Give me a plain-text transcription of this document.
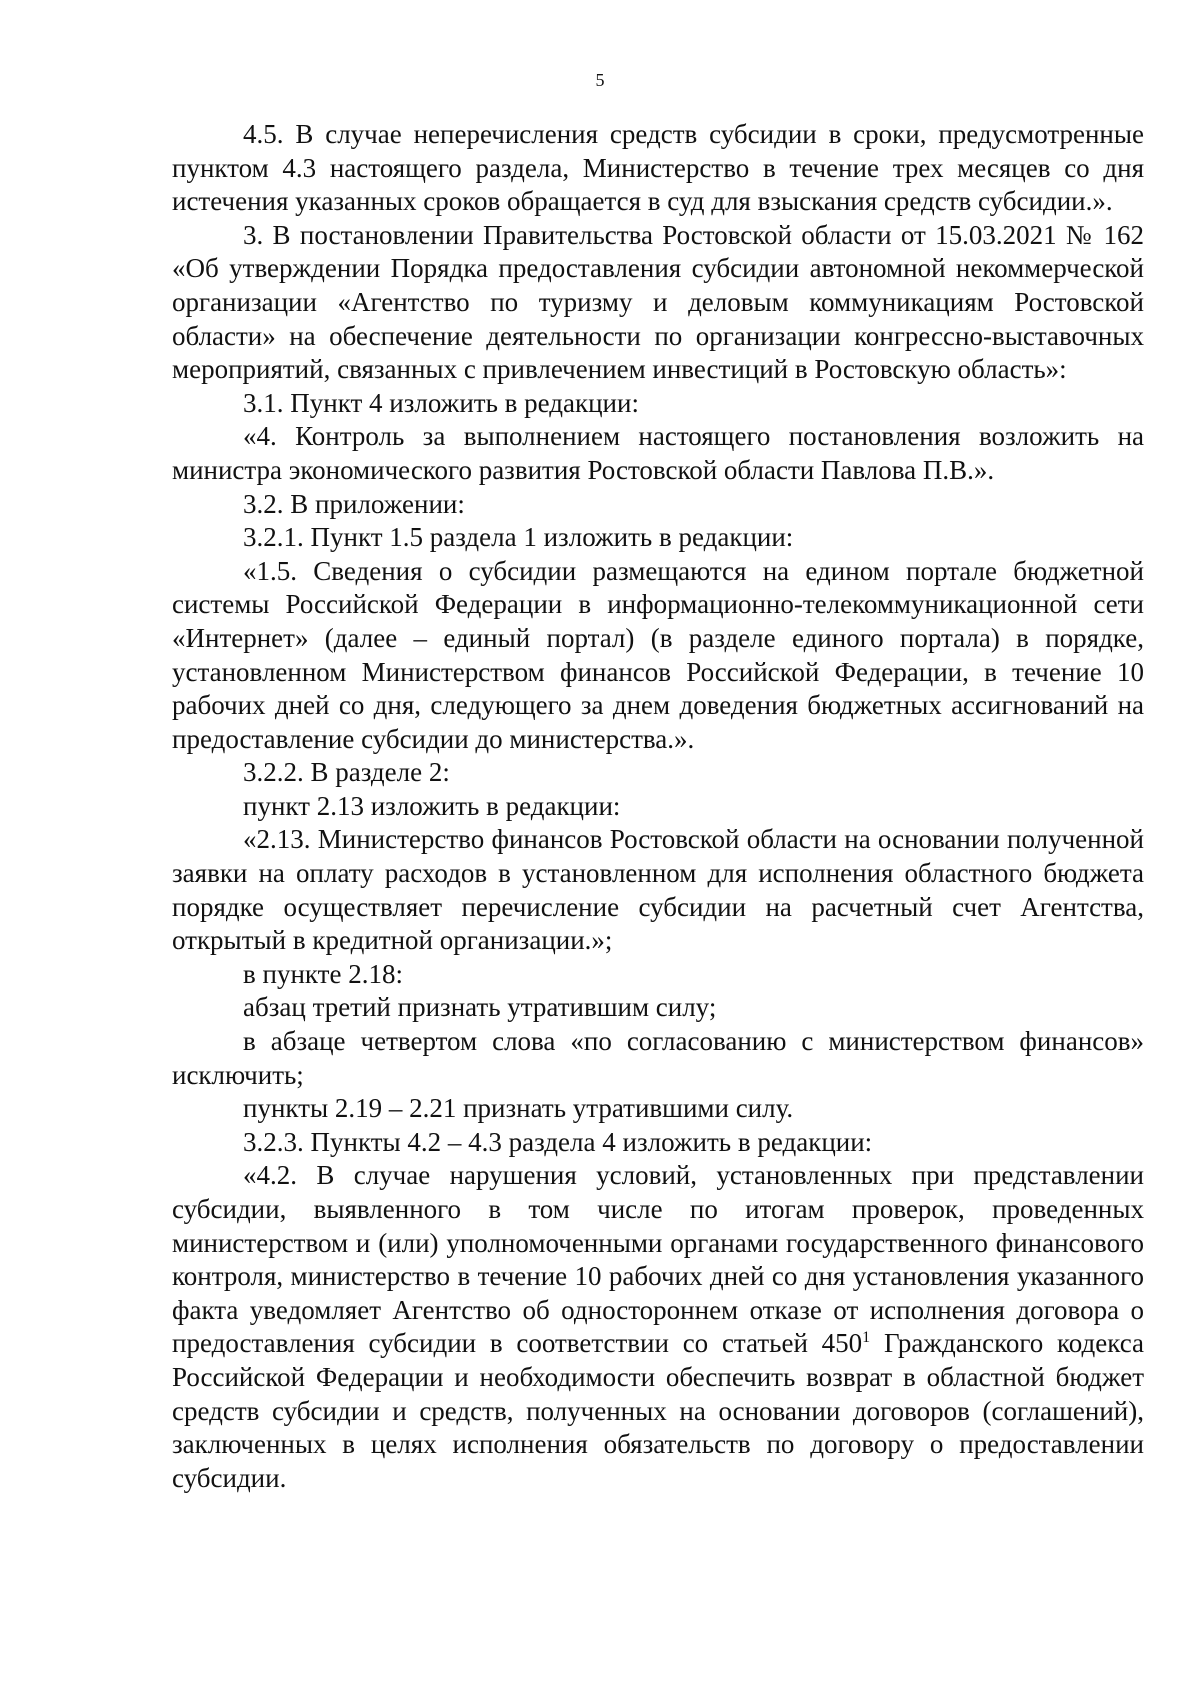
5

4.5. В случае неперечисления средств субсидии в сроки, предусмотренные пунктом 4.3 настоящего раздела, Министерство в течение трех месяцев со дня истечения указанных сроков обращается в суд для взыскания средств субсидии.».

3. В постановлении Правительства Ростовской области от 15.03.2021 № 162 «Об утверждении Порядка предоставления субсидии автономной некоммерческой организации «Агентство по туризму и деловым коммуникациям Ростовской области» на обеспечение деятельности по организации конгрессно-выставочных мероприятий, связанных с привлечением инвестиций в Ростовскую область»:

3.1. Пункт 4 изложить в редакции:

«4. Контроль за выполнением настоящего постановления возложить на министра экономического развития Ростовской области Павлова П.В.».

3.2. В приложении:

3.2.1. Пункт 1.5 раздела 1 изложить в редакции:

«1.5. Сведения о субсидии размещаются на едином портале бюджетной системы Российской Федерации в информационно-телекоммуникационной сети «Интернет» (далее – единый портал) (в разделе единого портала) в порядке, установленном Министерством финансов Российской Федерации, в течение 10 рабочих дней со дня, следующего за днем доведения бюджетных ассигнований на предоставление субсидии до министерства.».

3.2.2. В разделе 2:

пункт 2.13 изложить в редакции:

«2.13. Министерство финансов Ростовской области на основании полученной заявки на оплату расходов в установленном для исполнения областного бюджета порядке осуществляет перечисление субсидии на расчетный счет Агентства, открытый в кредитной организации.»;

в пункте 2.18:

абзац третий признать утратившим силу;

в абзаце четвертом слова «по согласованию с министерством финансов» исключить;

пункты 2.19 – 2.21 признать утратившими силу.

3.2.3. Пункты 4.2 – 4.3 раздела 4 изложить в редакции:

«4.2. В случае нарушения условий, установленных при представлении субсидии, выявленного в том числе по итогам проверок, проведенных министерством и (или) уполномоченными органами государственного финансового контроля, министерство в течение 10 рабочих дней со дня установления указанного факта уведомляет Агентство об одностороннем отказе от исполнения договора о предоставления субсидии в соответствии со статьей $450^1$ Гражданского кодекса Российской Федерации и необходимости обеспечить возврат в областной бюджет средств субсидии и средств, полученных на основании договоров (соглашений), заключенных в целях исполнения обязательств по договору о предоставлении субсидии.
